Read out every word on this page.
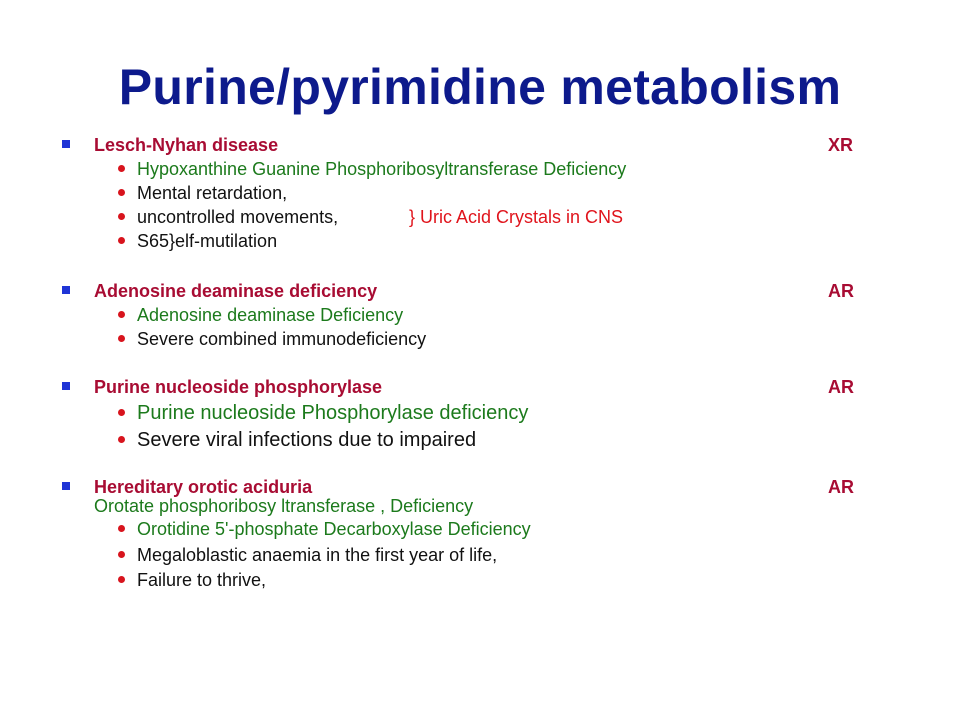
Purine/pyrimidine metabolism
Lesch-Nyhan disease	XR
Hypoxanthine Guanine Phosphoribosyltransferase Deficiency
Mental retardation,
uncontrolled movements,	} Uric Acid Crystals in CNS
S65}elf-mutilation
Adenosine deaminase deficiency	AR
Adenosine deaminase Deficiency
Severe combined immunodeficiency
Purine nucleoside phosphorylase	AR
Purine nucleoside Phosphorylase deficiency
Severe viral infections due to impaired
Hereditary orotic aciduria	AR
Orotate phosphoribosy ltransferase , Deficiency
Orotidine 5'-phosphate Decarboxylase Deficiency
Megaloblastic anaemia in the first year of life,
Failure to thrive,
